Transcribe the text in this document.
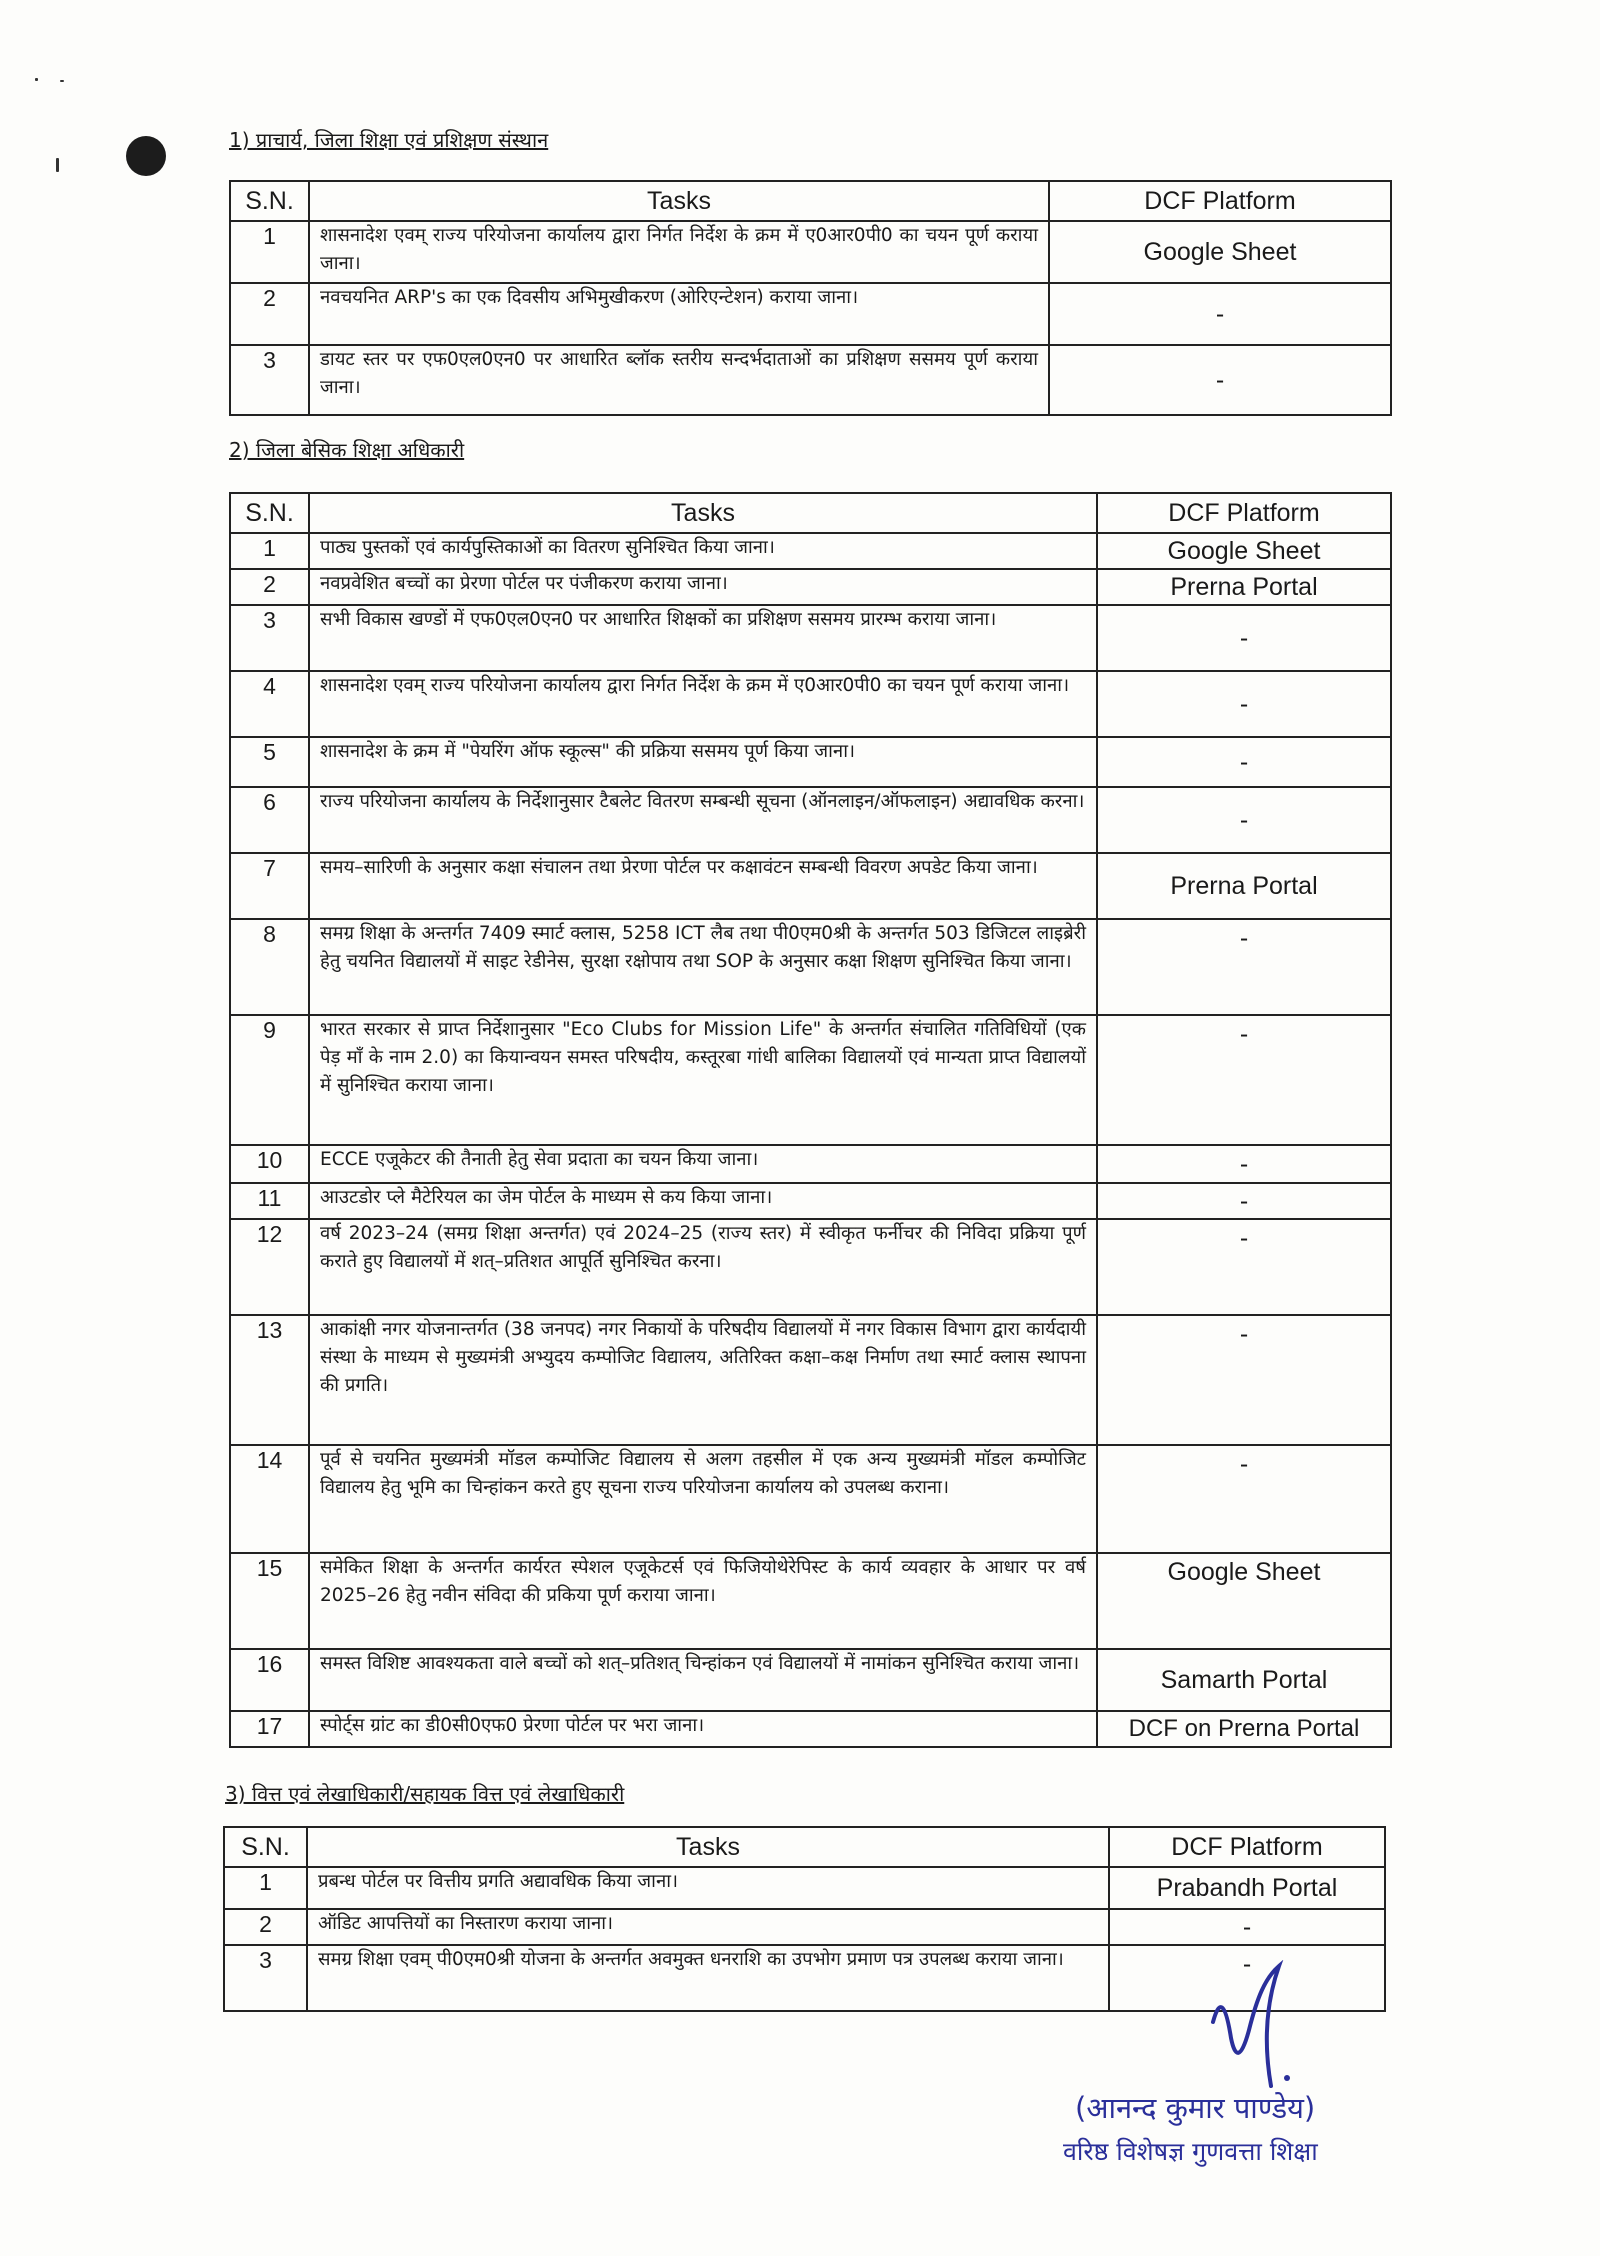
1) प्राचार्य, जिला शिक्षा एवं प्रशिक्षण संस्थान
S.N.	Tasks	DCF Platform
1	शासनादेश एवम् राज्य परियोजना कार्यालय द्वारा निर्गत निर्देश के क्रम में ए0आर0पी0 का चयन पूर्ण कराया जाना।	Google Sheet
2	नवचयनित ARP's का एक दिवसीय अभिमुखीकरण (ओरिएन्टेशन) कराया जाना।	-
3	डायट स्तर पर एफ0एल0एन0 पर आधारित ब्लॉक स्तरीय सन्दर्भदाताओं का प्रशिक्षण ससमय पूर्ण कराया जाना।	-
2) जिला बेसिक शिक्षा अधिकारी
S.N.	Tasks	DCF Platform
1	पाठ्य पुस्तकों एवं कार्यपुस्तिकाओं का वितरण सुनिश्चित किया जाना।	Google Sheet
2	नवप्रवेशित बच्चों का प्रेरणा पोर्टल पर पंजीकरण कराया जाना।	Prerna Portal
3	सभी विकास खण्डों में एफ0एल0एन0 पर आधारित शिक्षकों का प्रशिक्षण ससमय प्रारम्भ कराया जाना।	-
4	शासनादेश एवम् राज्य परियोजना कार्यालय द्वारा निर्गत निर्देश के क्रम में ए0आर0पी0 का चयन पूर्ण कराया जाना।	-
5	शासनादेश के क्रम में "पेयरिंग ऑफ स्कूल्स" की प्रक्रिया ससमय पूर्ण किया जाना।	-
6	राज्य परियोजना कार्यालय के निर्देशानुसार टैबलेट वितरण सम्बन्धी सूचना (ऑनलाइन/ऑफलाइन) अद्यावधिक करना।	-
7	समय–सारिणी के अनुसार कक्षा संचालन तथा प्रेरणा पोर्टल पर कक्षावंटन सम्बन्धी विवरण अपडेट किया जाना।	Prerna Portal
8	समग्र शिक्षा के अन्तर्गत 7409 स्मार्ट क्लास, 5258 ICT लैब तथा पी0एम0श्री के अन्तर्गत 503 डिजिटल लाइब्रेरी हेतु चयनित विद्यालयों में साइट रेडीनेस, सुरक्षा रक्षोपाय तथा SOP के अनुसार कक्षा शिक्षण सुनिश्चित किया जाना।	-
9	भारत सरकार से प्राप्त निर्देशानुसार "Eco Clubs for Mission Life" के अन्तर्गत संचालित गतिविधियों (एक पेड़ माँ के नाम 2.0) का कियान्वयन समस्त परिषदीय, कस्तूरबा गांधी बालिका विद्यालयों एवं मान्यता प्राप्त विद्यालयों में सुनिश्चित कराया जाना।	-
10	ECCE एजूकेटर की तैनाती हेतु सेवा प्रदाता का चयन किया जाना।	-
11	आउटडोर प्ले मैटेरियल का जेम पोर्टल के माध्यम से कय किया जाना।	-
12	वर्ष 2023–24 (समग्र शिक्षा अन्तर्गत) एवं 2024–25 (राज्य स्तर) में स्वीकृत फर्नीचर की निविदा प्रक्रिया पूर्ण कराते हुए विद्यालयों में शत्–प्रतिशत आपूर्ति सुनिश्चित करना।	-
13	आकांक्षी नगर योजनान्तर्गत (38 जनपद) नगर निकायों के परिषदीय विद्यालयों में नगर विकास विभाग द्वारा कार्यदायी संस्था के माध्यम से मुख्यमंत्री अभ्युदय कम्पोजिट विद्यालय, अतिरिक्त कक्षा–कक्ष निर्माण तथा स्मार्ट क्लास स्थापना की प्रगति।	-
14	पूर्व से चयनित मुख्यमंत्री मॉडल कम्पोजिट विद्यालय से अलग तहसील में एक अन्य मुख्यमंत्री मॉडल कम्पोजिट विद्यालय हेतु भूमि का चिन्हांकन करते हुए सूचना राज्य परियोजना कार्यालय को उपलब्ध कराना।	-
15	समेकित शिक्षा के अन्तर्गत कार्यरत स्पेशल एजूकेटर्स एवं फिजियोथेरेपिस्ट के कार्य व्यवहार के आधार पर वर्ष 2025–26 हेतु नवीन संविदा की प्रकिया पूर्ण कराया जाना।	Google Sheet
16	समस्त विशिष्ट आवश्यकता वाले बच्चों को शत्–प्रतिशत् चिन्हांकन एवं विद्यालयों में नामांकन सुनिश्चित कराया जाना।	Samarth Portal
17	स्पोर्ट्स ग्रांट का डी0सी0एफ0 प्रेरणा पोर्टल पर भरा जाना।	DCF on Prerna Portal
3) वित्त एवं लेखाधिकारी/सहायक वित्त एवं लेखाधिकारी
S.N.	Tasks	DCF Platform
1	प्रबन्ध पोर्टल पर वित्तीय प्रगति अद्यावधिक किया जाना।	Prabandh Portal
2	ऑडिट आपत्तियों का निस्तारण कराया जाना।	-
3	समग्र शिक्षा एवम् पी0एम0श्री योजना के अन्तर्गत अवमुक्त धनराशि का उपभोग प्रमाण पत्र उपलब्ध कराया जाना।	-
(आनन्द कुमार पाण्डेय)
वरिष्ठ विशेषज्ञ गुणवत्ता शिक्षा
